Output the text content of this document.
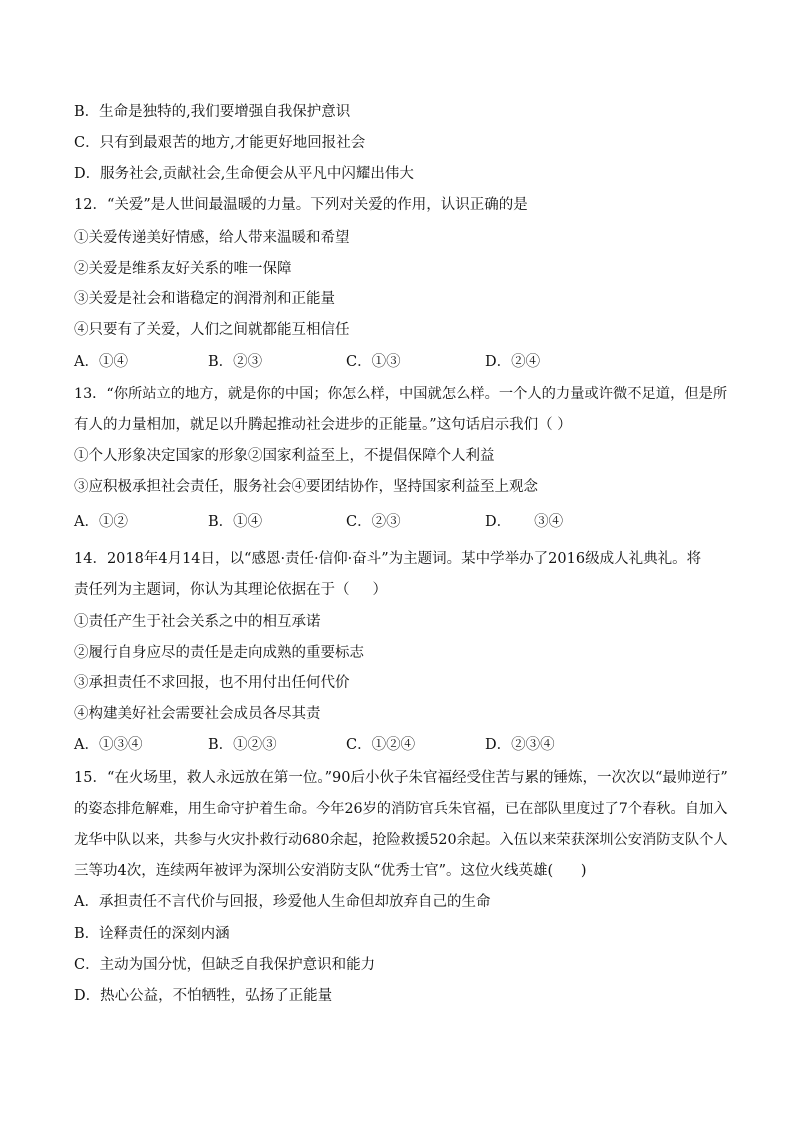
B．生命是独特的,我们要增强自我保护意识
C．只有到最艰苦的地方,才能更好地回报社会
D．服务社会,贡献社会,生命便会从平凡中闪耀出伟大
12．“关爱”是人世间最温暖的力量。下列对关爱的作用，认识正确的是
①关爱传递美好情感，给人带来温暖和希望
②关爱是维系友好关系的唯一保障
③关爱是社会和谐稳定的润滑剂和正能量
④只要有了关爱，人们之间就都能互相信任
A．①④	B．②③	C．①③	D．②④
13．“你所站立的地方，就是你的中国；你怎么样，中国就怎么样。一个人的力量或许微不足道，但是所
有人的力量相加，就足以升腾起推动社会进步的正能量。”这句话启示我们（ ）
①个人形象决定国家的形象②国家利益至上，不提倡保障个人利益
③应积极承担社会责任，服务社会④要团结协作，坚持国家利益至上观念
A．①②	B．①④	C．②③	D．     ③④
14．2018年4月14日，以“感恩·责任·信仰·奋斗”为主题词。某中学举办了2016级成人礼典礼。将
责任列为主题词，你认为其理论依据在于（     ）
①责任产生于社会关系之中的相互承诺
②履行自身应尽的责任是走向成熟的重要标志
③承担责任不求回报，也不用付出任何代价
④构建美好社会需要社会成员各尽其责
A．①③④	B．①②③	C．①②④	D．②③④
15．“在火场里，救人永远放在第一位。”90后小伙子朱官福经受住苦与累的锤炼，一次次以“最帅逆行”
的姿态排危解难，用生命守护着生命。今年26岁的消防官兵朱官福，已在部队里度过了7个春秋。自加入
龙华中队以来，共参与火灾扑救行动680余起，抢险救援520余起。入伍以来荣获深圳公安消防支队个人
三等功4次，连续两年被评为深圳公安消防支队“优秀士官”。这位火线英雄(      )
A．承担责任不言代价与回报，珍爱他人生命但却放弃自己的生命
B．诠释责任的深刻内涵
C．主动为国分忧，但缺乏自我保护意识和能力
D．热心公益，不怕牺牲，弘扬了正能量
